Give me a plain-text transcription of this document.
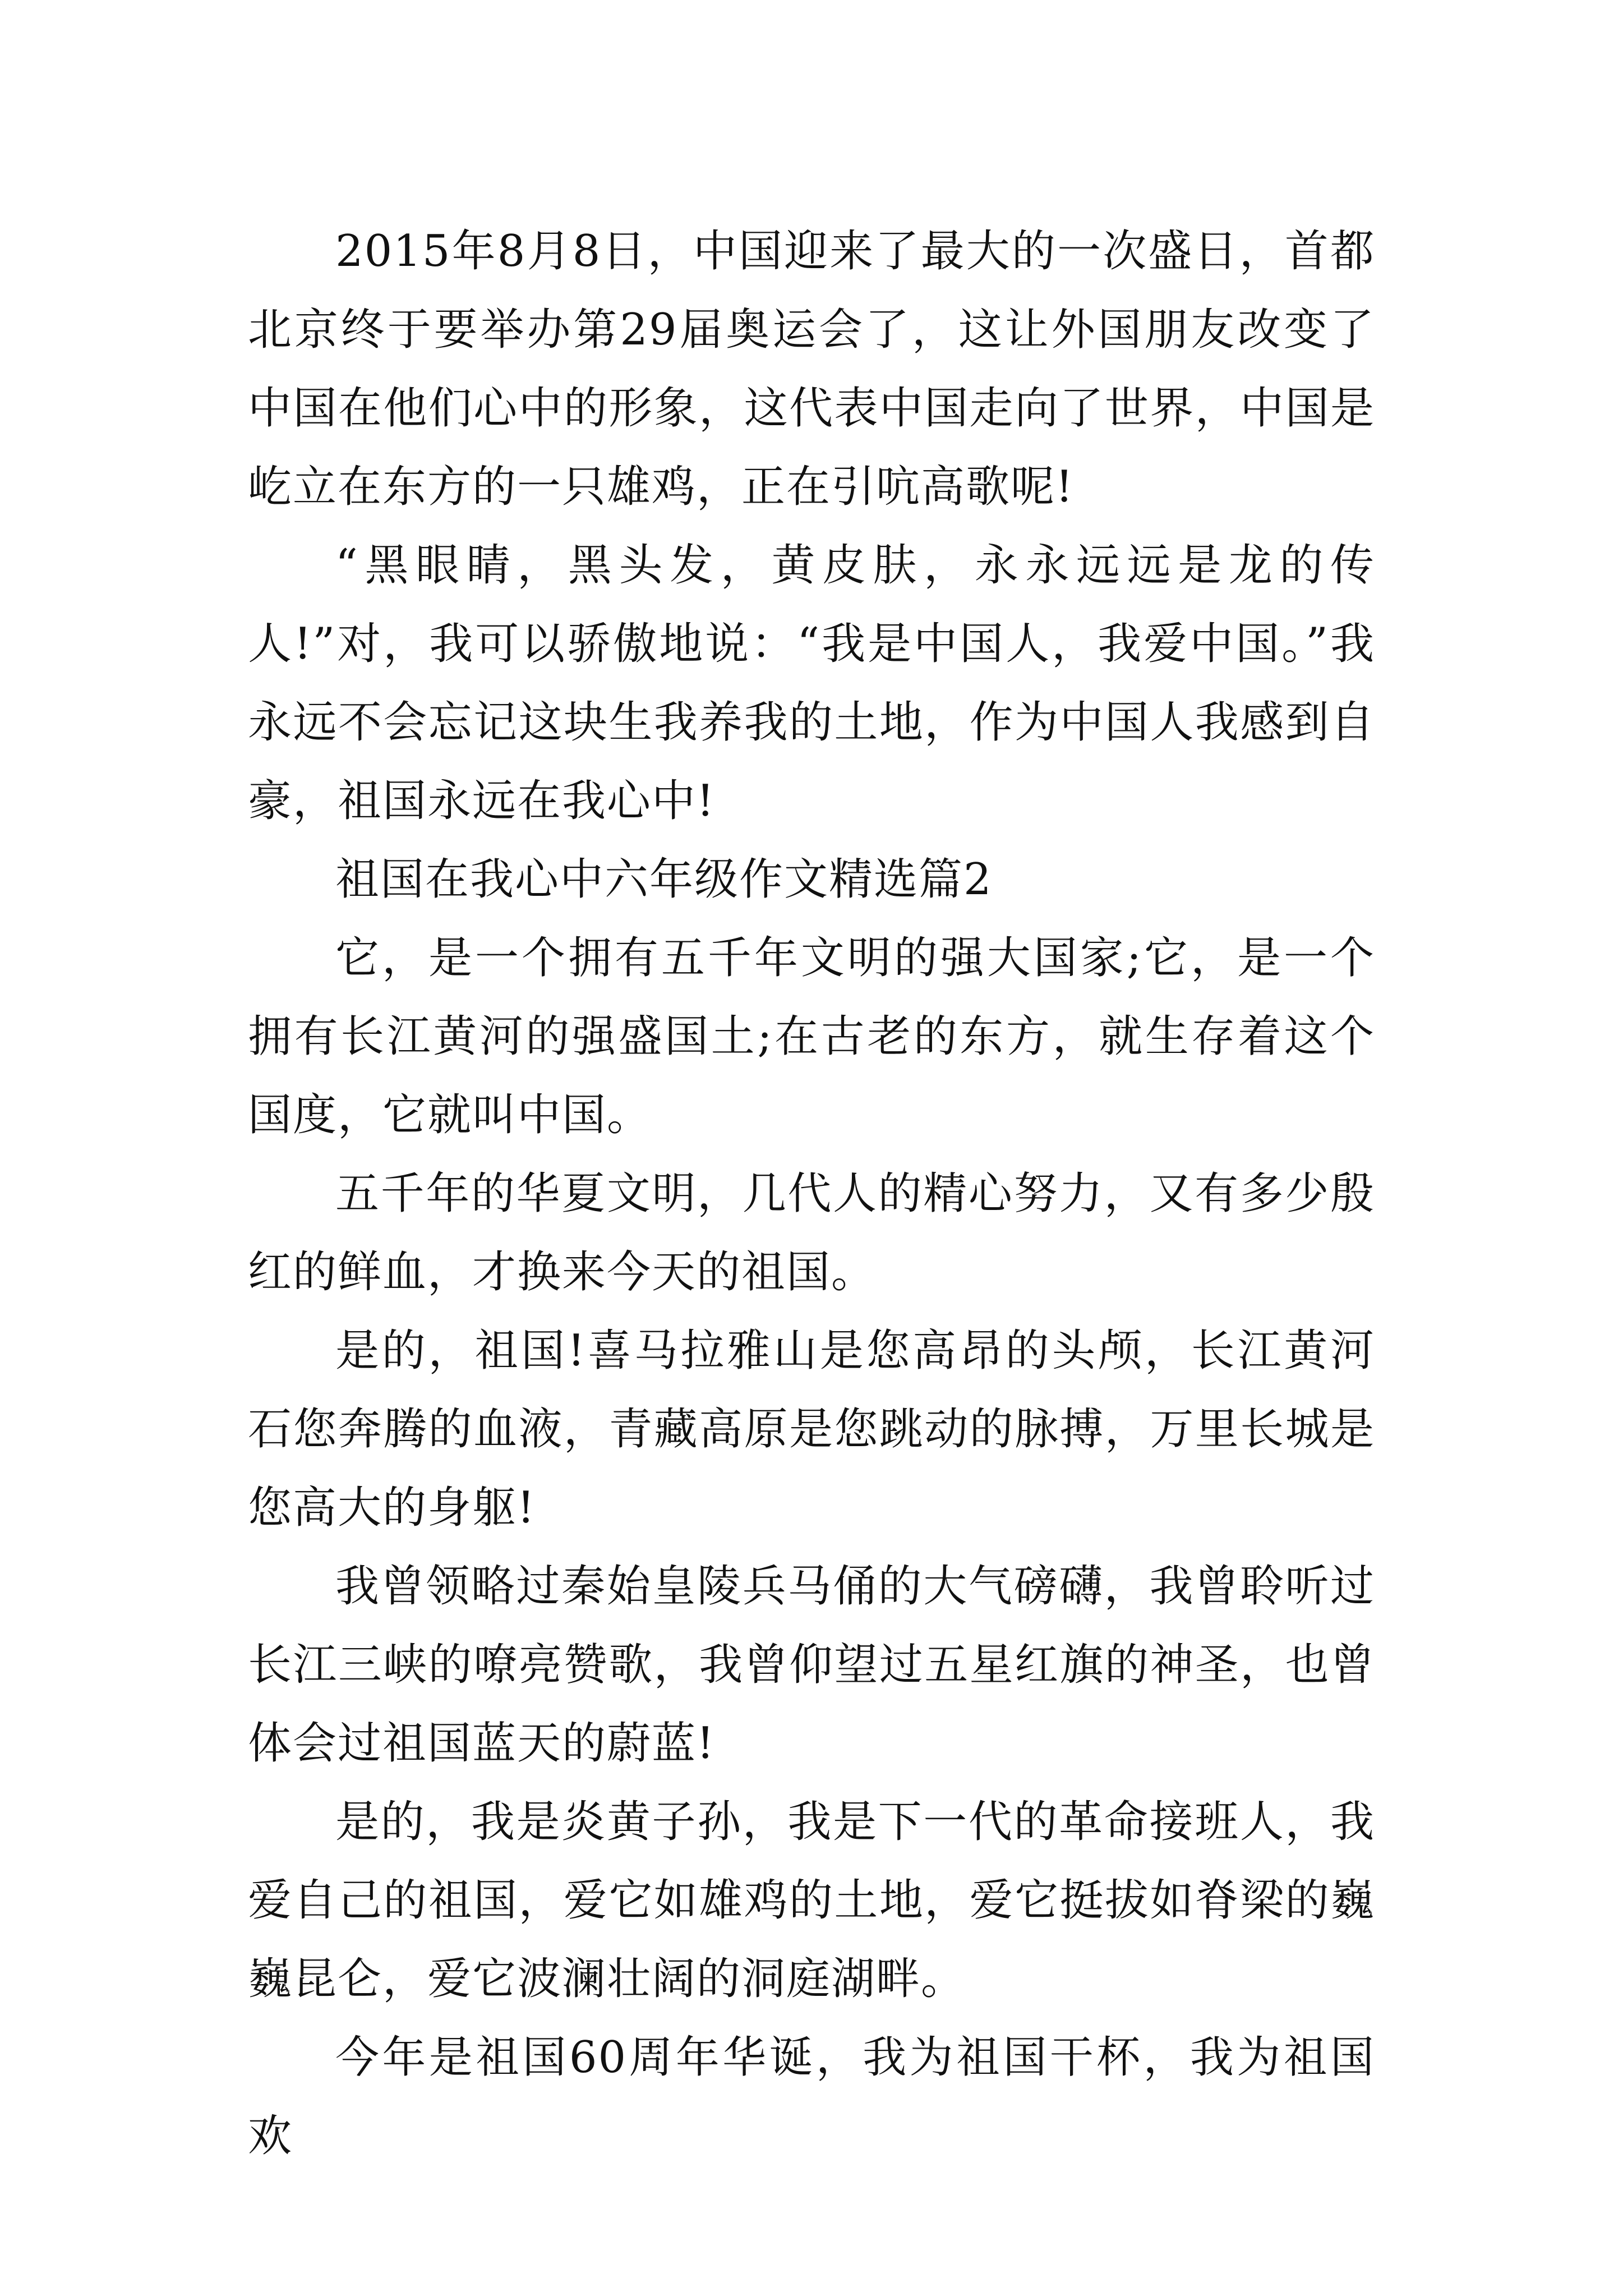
2015年8月8日，中国迎来了最大的一次盛日，首都北京终于要举办第29届奥运会了，这让外国朋友改变了中国在他们心中的形象，这代表中国走向了世界，中国是屹立在东方的一只雄鸡，正在引吭高歌呢!

“黑眼睛，黑头发，黄皮肤，永永远远是龙的传人!”对，我可以骄傲地说：“我是中国人，我爱中国。”我永远不会忘记这块生我养我的土地，作为中国人我感到自豪，祖国永远在我心中!

祖国在我心中六年级作文精选篇2

它，是一个拥有五千年文明的强大国家;它，是一个拥有长江黄河的强盛国土;在古老的东方，就生存着这个国度，它就叫中国。

五千年的华夏文明，几代人的精心努力，又有多少殷红的鲜血，才换来今天的祖国。

是的，祖国!喜马拉雅山是您高昂的头颅，长江黄河石您奔腾的血液，青藏高原是您跳动的脉搏，万里长城是您高大的身躯!

我曾领略过秦始皇陵兵马俑的大气磅礴，我曾聆听过长江三峡的嘹亮赞歌，我曾仰望过五星红旗的神圣，也曾体会过祖国蓝天的蔚蓝!

是的，我是炎黄子孙，我是下一代的革命接班人，我爱自己的祖国，爱它如雄鸡的土地，爱它挺拔如脊梁的巍巍昆仑，爱它波澜壮阔的洞庭湖畔。

今年是祖国60周年华诞，我为祖国干杯，我为祖国欢
